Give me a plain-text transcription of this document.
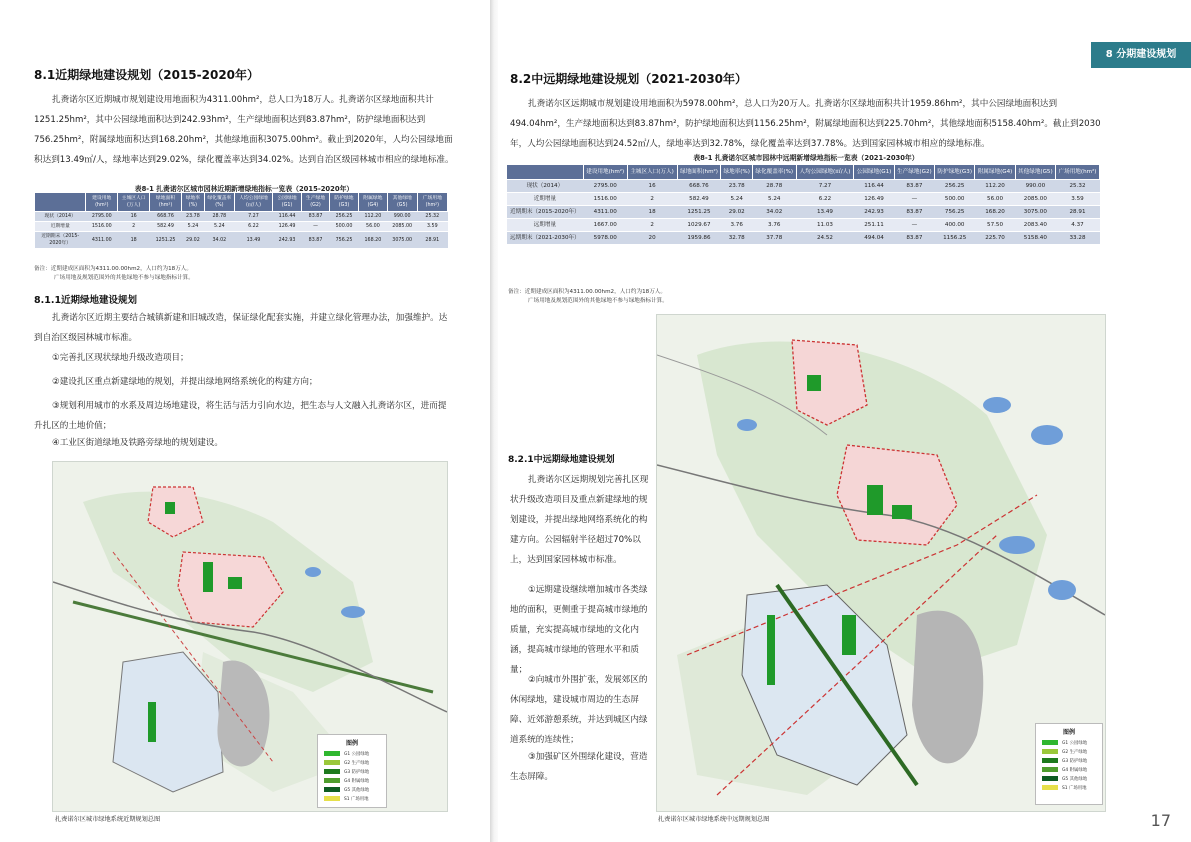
8.1近期绿地建设规划（2015-2020年）

扎赉诺尔区近期城市规划建设用地面积为4311.00hm²，总人口为18万人。扎赉诺尔区绿地面积共计1251.25hm²，其中公园绿地面积达到242.93hm²，生产绿地面积达到83.87hm²，防护绿地面积达到756.25hm²，附属绿地面积达到168.20hm²，其他绿地面积3075.00hm²。截止到2020年，人均公园绿地面积达到13.49㎡/人，绿地率达到29.02%，绿化覆盖率达到34.02%。达到自治区级园林城市相应的绿地标准。

表8-1 扎赉诺尔区城市园林近期新增绿地指标一览表（2015-2020年）
	建设用地(hm²)	主城区人口(万人)	绿地面积(hm²)	绿地率(%)	绿化覆盖率(%)	人均公园绿地(㎡/人)	公园绿地(G1)	生产绿地(G2)	防护绿地(G3)	附属绿地(G4)	其他绿地(G5)	广场用地(hm²)
现状（2014）	2795.00	16	668.76	23.78	28.78	7.27	116.44	83.87	256.25	112.20	990.00	25.32
近期增量	1516.00	2	582.49	5.24	5.24	6.22	126.49	—	500.00	56.00	2085.00	3.59
近期期末（2015-2020年）	4311.00	18	1251.25	29.02	34.02	13.49	242.93	83.87	756.25	168.20	3075.00	28.91

备注：近期建成区面积为4311.00.00hm2，人口约为18万人。
广场用地及规划范围外的其他绿地不参与绿地指标计算。

8.1.1近期绿地建设规划

扎赉诺尔区近期主要结合城镇新建和旧城改造，保证绿化配套实施，并建立绿化管理办法，加强维护。达到自治区级园林城市标准。

①完善扎区现状绿地升级改造项目；

②建设扎区重点新建绿地的规划，并提出绿地网络系统化的构建方向；

③规划利用城市的水系及周边场地建设，将生活与活力引向水边，把生态与人文融入扎赉诺尔区，进而提升扎区的土地价值；

④工业区街道绿地及铁路旁绿地的规划建设。

图例
G1 公园绿地
G2 生产绿地
G3 防护绿地
G4 附属绿地
G5 其他绿地
S1 广场用地
扎赉诺尔区城市绿地系统近期规划总图
8 分期建设规划
8.2中远期绿地建设规划（2021-2030年）

扎赉诺尔区远期城市规划建设用地面积为5978.00hm²，总人口为20万人。扎赉诺尔区绿地面积共计1959.86hm²，其中公园绿地面积达到494.04hm²，生产绿地面积达到83.87hm²，防护绿地面积达到1156.25hm²，附属绿地面积达到225.70hm²，其他绿地面积5158.40hm²。截止到2030年，人均公园绿地面积达到24.52㎡/人，绿地率达到32.78%，绿化覆盖率达到37.78%。达到国家园林城市相应的绿地标准。

表8-1 扎赉诺尔区城市园林中远期新增绿地指标一览表（2021-2030年）
	建设用地(hm²)	主城区人口(万人)	绿地面积(hm²)	绿地率(%)	绿化覆盖率(%)	人均公园绿地(㎡/人)	公园绿地(G1)	生产绿地(G2)	防护绿地(G3)	附属绿地(G4)	其他绿地(G5)	广场用地(hm²)
现状（2014）	2795.00	16	668.76	23.78	28.78	7.27	116.44	83.87	256.25	112.20	990.00	25.32
近期增量	1516.00	2	582.49	5.24	5.24	6.22	126.49	—	500.00	56.00	2085.00	3.59
近期期末（2015-2020年）	4311.00	18	1251.25	29.02	34.02	13.49	242.93	83.87	756.25	168.20	3075.00	28.91
远期增量	1667.00	2	1029.67	3.76	3.76	11.03	251.11	—	400.00	57.50	2083.40	4.37
远期期末（2021-2030年）	5978.00	20	1959.86	32.78	37.78	24.52	494.04	83.87	1156.25	225.70	5158.40	33.28

备注：近期建成区面积为4311.00.00hm2，人口约为18万人。
广场用地及规划范围外的其他绿地不参与绿地指标计算。

8.2.1中远期绿地建设规划

扎赉诺尔区远期规划完善扎区现状升级改造项目及重点新建绿地的规划建设，并提出绿地网络系统化的构建方向。公园辐射半径超过70%以上，达到国家园林城市标准。

①远期建设继续增加城市各类绿地的面积，更侧重于提高城市绿地的质量，充实提高城市绿地的文化内涵，提高城市绿地的管理水平和质量；

②向城市外围扩张，发展郊区的休闲绿地，建设城市周边的生态屏障、近郊游憩系统，并达到城区内绿道系统的连续性；

③加强矿区外围绿化建设，营造生态屏障。

图例
G1 公园绿地
G2 生产绿地
G3 防护绿地
G4 附属绿地
G5 其他绿地
S1 广场用地
扎赉诺尔区城市绿地系统中远期规划总图	17
